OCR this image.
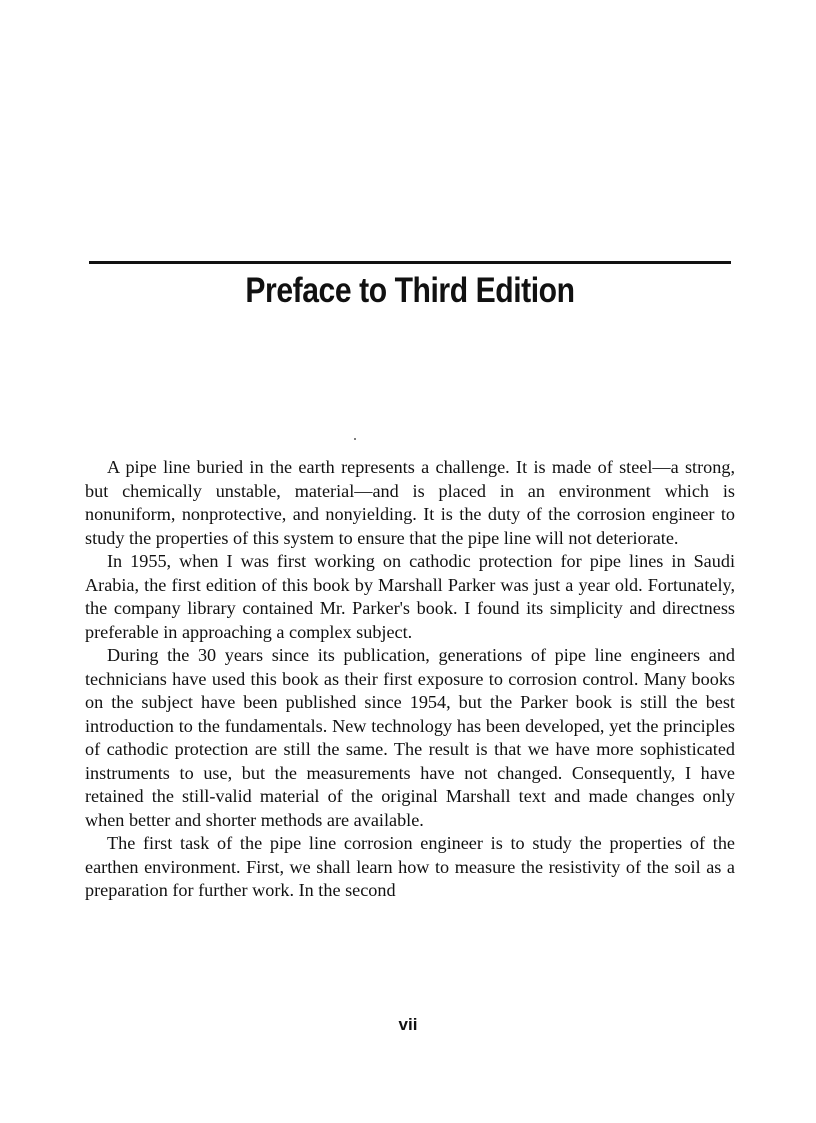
Preface to Third Edition

A pipe line buried in the earth represents a challenge. It is made of steel—a strong, but chemically unstable, material—and is placed in an environment which is nonuniform, nonprotective, and nonyielding. It is the duty of the corrosion engineer to study the properties of this system to ensure that the pipe line will not deteriorate.

In 1955, when I was first working on cathodic protection for pipe lines in Saudi Arabia, the first edition of this book by Marshall Parker was just a year old. Fortunately, the company library contained Mr. Parker's book. I found its simplicity and directness preferable in approaching a complex subject.

During the 30 years since its publication, generations of pipe line engineers and technicians have used this book as their first exposure to corrosion control. Many books on the subject have been published since 1954, but the Parker book is still the best introduction to the fundamentals. New technology has been developed, yet the principles of cathodic protection are still the same. The result is that we have more sophisticated instruments to use, but the measurements have not changed. Consequently, I have retained the still-valid material of the original Marshall text and made changes only when better and shorter methods are available.

The first task of the pipe line corrosion engineer is to study the properties of the earthen environment. First, we shall learn how to measure the resistivity of the soil as a preparation for further work. In the second

vii
